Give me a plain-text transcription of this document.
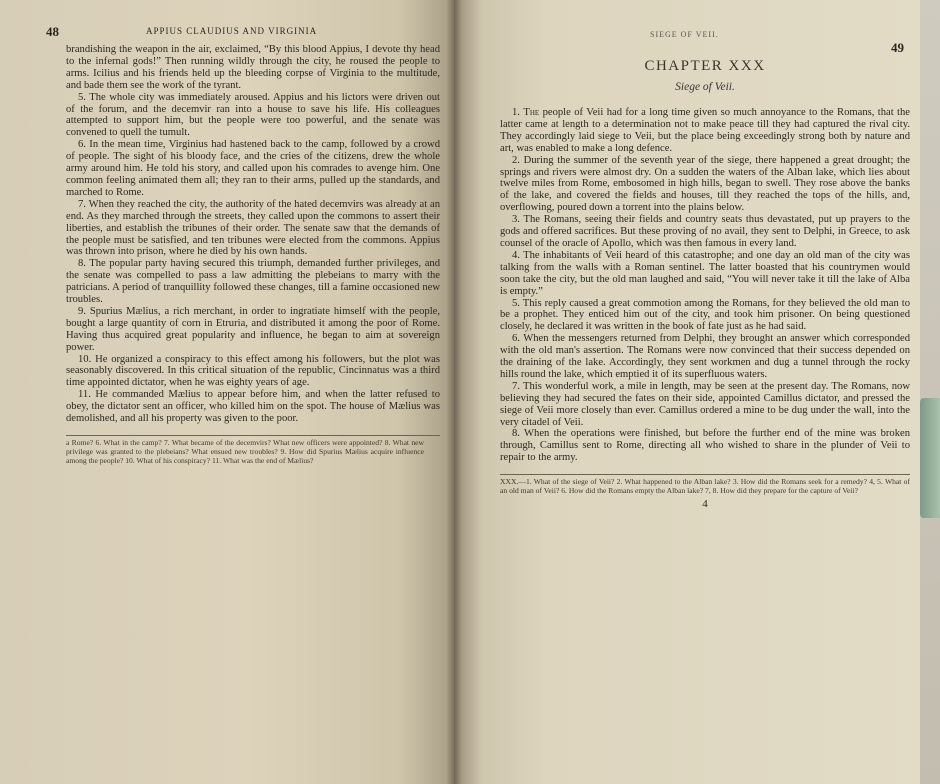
48	APPIUS CLAUDIUS AND VIRGINIA

brandishing the weapon in the air, exclaimed, “By this blood Appius, I devote thy head to the infernal gods!” Then running wildly through the city, he roused the people to arms. Icilius and his friends held up the bleeding corpse of Virginia to the multitude, and bade them see the work of the tyrant.

5. The whole city was immediately aroused. Appius and his lictors were driven out of the forum, and the decemvir ran into a house to save his life. His colleagues attempted to support him, but the people were too powerful, and the senate was convened to quell the tumult.

6. In the mean time, Virginius had hastened back to the camp, followed by a crowd of people. The sight of his bloody face, and the cries of the citizens, drew the whole army around him. He told his story, and called upon his comrades to avenge him. One common feeling animated them all; they ran to their arms, pulled up the standards, and marched to Rome.

7. When they reached the city, the authority of the hated decemvirs was already at an end. As they marched through the streets, they called upon the commons to assert their liberties, and establish the tribunes of their order. The senate saw that the demands of the people must be satisfied, and ten tribunes were elected from the commons. Appius was thrown into prison, where he died by his own hands.

8. The popular party having secured this triumph, demanded further privileges, and the senate was compelled to pass a law admitting the plebeians to marry with the patricians. A period of tranquillity followed these changes, till a famine occasioned new troubles.

9. Spurius Mælius, a rich merchant, in order to ingratiate himself with the people, bought a large quantity of corn in Etruria, and distributed it among the poor of Rome. Having thus acquired great popularity and influence, he began to aim at sovereign power.

10. He organized a conspiracy to this effect among his followers, but the plot was seasonably discovered. In this critical situation of the republic, Cincinnatus was a third time appointed dictator, when he was eighty years of age.

11. He commanded Mælius to appear before him, and when the latter refused to obey, the dictator sent an officer, who killed him on the spot. The house of Mælius was demolished, and all his property was given to the poor.

a Rome? 6. What in the camp? 7. What became of the decemvirs? What new officers were appointed? 8. What new privilege was granted to the plebeians? What ensued new troubles? 9. How did Spurius Mælius acquire influence among the people? 10. What of his conspiracy? 11. What was the end of Mælius?

SIEGE OF VEII.
49
CHAPTER XXX
Siege of Veii.

1. The people of Veii had for a long time given so much annoyance to the Romans, that the latter came at length to a determination not to make peace till they had captured the rival city. They accordingly laid siege to Veii, but the place being exceedingly strong both by nature and art, was enabled to make a long defence.

2. During the summer of the seventh year of the siege, there happened a great drought; the springs and rivers were almost dry. On a sudden the waters of the Alban lake, which lies about twelve miles from Rome, embosomed in high hills, began to swell. They rose above the banks of the lake, and covered the fields and houses, till they reached the tops of the hills, and, overflowing, poured down a torrent into the plains below.

3. The Romans, seeing their fields and country seats thus devastated, put up prayers to the gods and offered sacrifices. But these proving of no avail, they sent to Delphi, in Greece, to ask counsel of the oracle of Apollo, which was then famous in every land.

4. The inhabitants of Veii heard of this catastrophe; and one day an old man of the city was talking from the walls with a Roman sentinel. The latter boasted that his countrymen would soon take the city, but the old man laughed and said, “You will never take it till the lake of Alba is empty.”

5. This reply caused a great commotion among the Romans, for they believed the old man to be a prophet. They enticed him out of the city, and took him prisoner. On being questioned closely, he declared it was written in the book of fate just as he had said.

6. When the messengers returned from Delphi, they brought an answer which corresponded with the old man's assertion. The Romans were now convinced that their success depended on the draining of the lake. Accordingly, they sent workmen and dug a tunnel through the rocky hills round the lake, which emptied it of its superfluous waters.

7. This wonderful work, a mile in length, may be seen at the present day. The Romans, now believing they had secured the fates on their side, appointed Camillus dictator, and pressed the siege of Veii more closely than ever. Camillus ordered a mine to be dug under the wall, into the very citadel of Veii.

8. When the operations were finished, but before the further end of the mine was broken through, Camillus sent to Rome, directing all who wished to share in the plunder of Veii to repair to the army.

XXX.—1. What of the siege of Veii? 2. What happened to the Alban lake? 3. How did the Romans seek for a remedy? 4, 5. What of an old man of Veii? 6. How did the Romans empty the Alban lake? 7, 8. How did they prepare for the capture of Veii?

4
